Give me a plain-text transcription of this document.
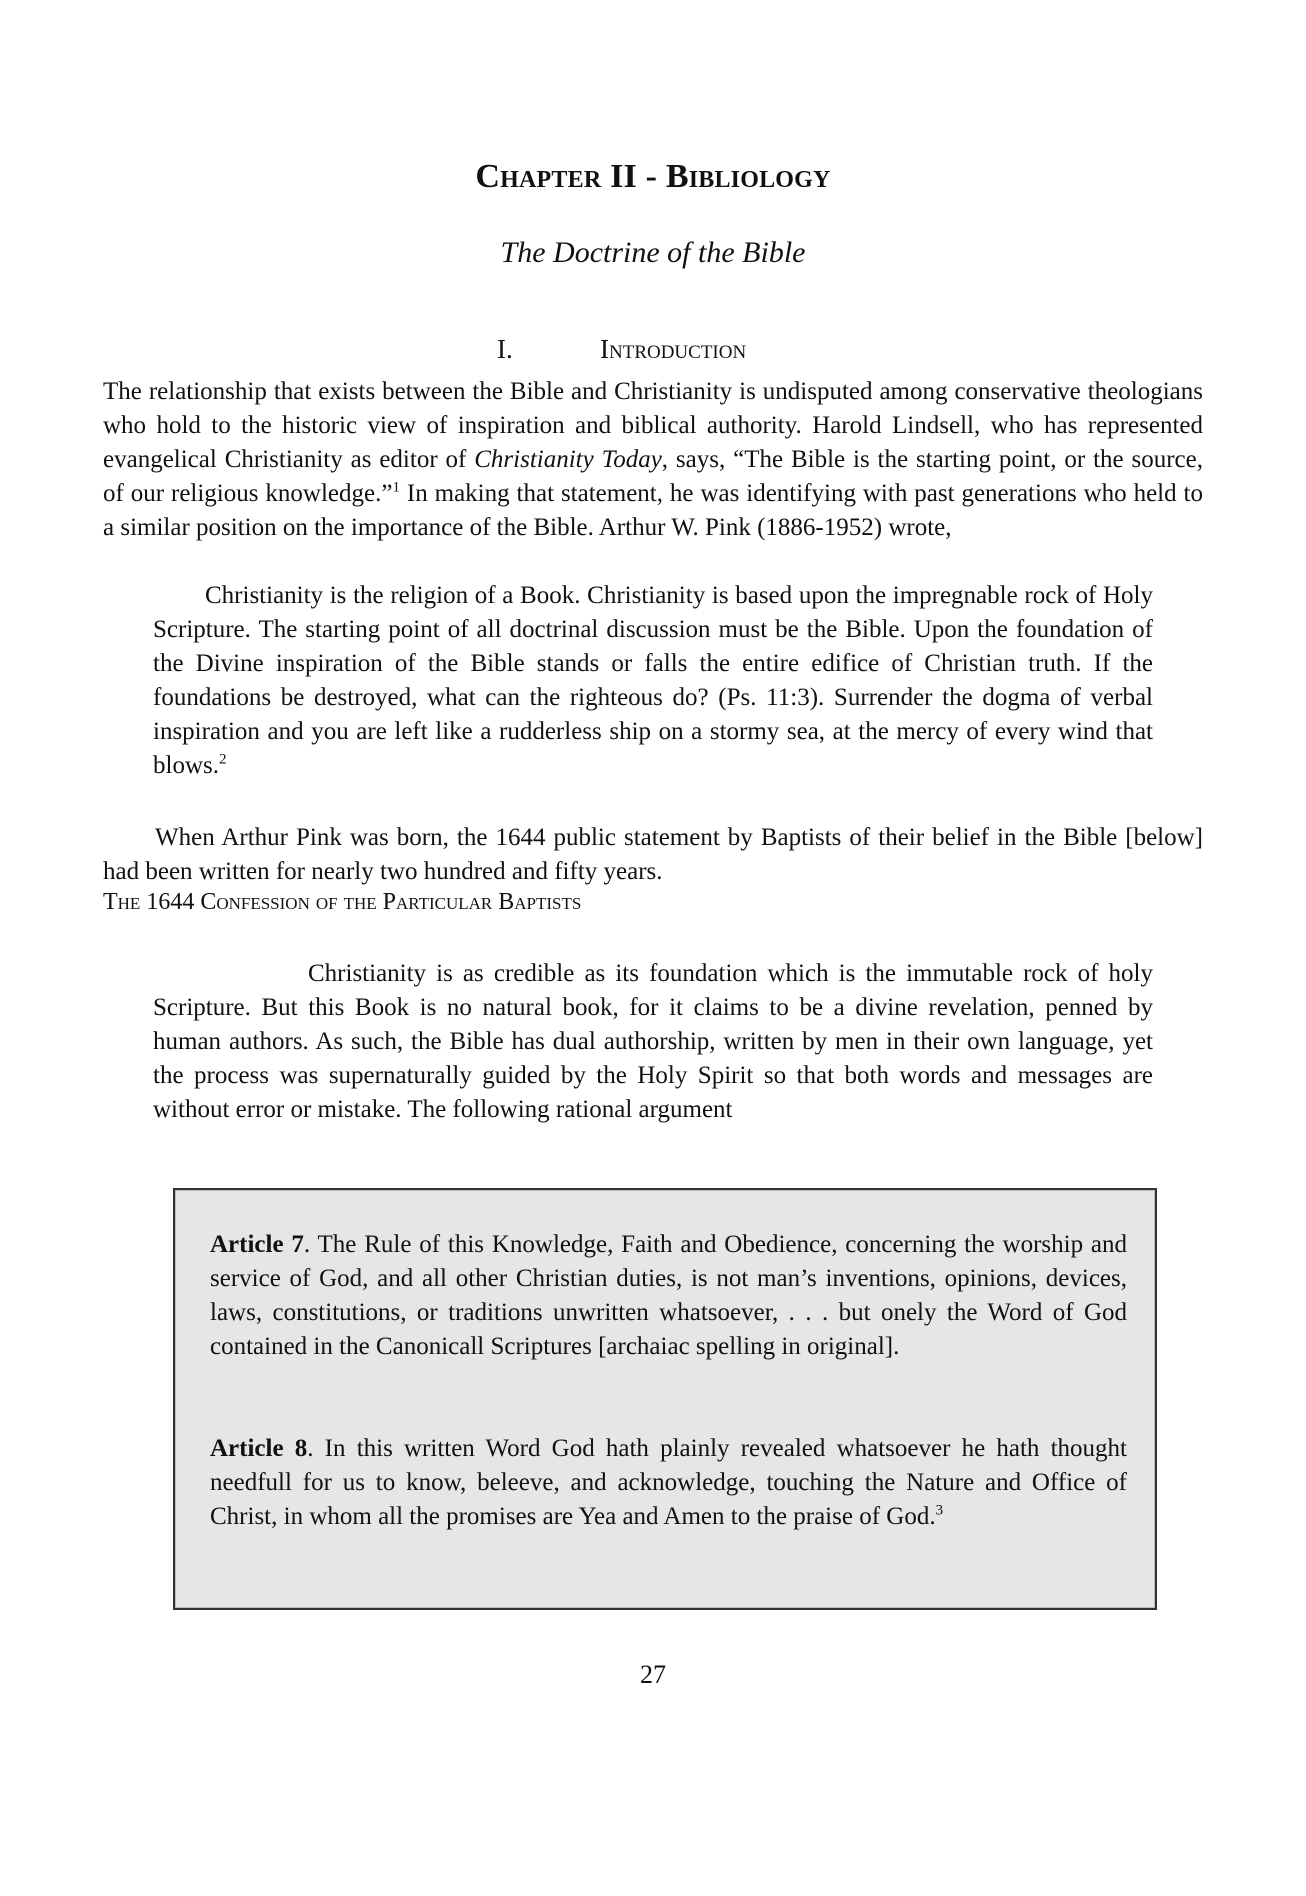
Chapter II - Bibliology
The Doctrine of the Bible
I.	Introduction
The relationship that exists between the Bible and Christianity is undisputed among conservative theologians who hold to the historic view of inspiration and biblical authority. Harold Lindsell, who has represented evangelical Christianity as editor of Christianity Today, says, “The Bible is the starting point, or the source, of our religious knowledge.”$^1$ In making that statement, he was identifying with past generations who held to a similar position on the importance of the Bible. Arthur W. Pink (1886-1952) wrote,
Christianity is the religion of a Book. Christianity is based upon the impregnable rock of Holy Scripture. The starting point of all doctrinal discussion must be the Bible. Upon the foundation of the Divine inspiration of the Bible stands or falls the entire edifice of Christian truth. If the foundations be destroyed, what can the righteous do? (Ps. 11:3). Surrender the dogma of verbal inspiration and you are left like a rudderless ship on a stormy sea, at the mercy of every wind that blows.$^2$
When Arthur Pink was born, the 1644 public statement by Baptists of their belief in the Bible [below] had been written for nearly two hundred and fifty years.
The 1644 Confession of the Particular Baptists
Christianity is as credible as its foundation which is the immutable rock of holy Scripture. But this Book is no natural book, for it claims to be a divine revelation, penned by human authors. As such, the Bible has dual authorship, written by men in their own language, yet the process was supernaturally guided by the Holy Spirit so that both words and messages are without error or mistake. The following rational argument
Article 7. The Rule of this Knowledge, Faith and Obedience, concerning the worship and service of God, and all other Christian duties, is not man’s inventions, opinions, devices, laws, constitutions, or traditions unwritten whatsoever, . . . but onely the Word of God contained in the Canonicall Scriptures [archaiac spelling in original].
Article 8. In this written Word God hath plainly revealed whatsoever he hath thought needfull for us to know, beleeve, and acknowledge, touching the Nature and Office of Christ, in whom all the promises are Yea and Amen to the praise of God.$^3$
27
